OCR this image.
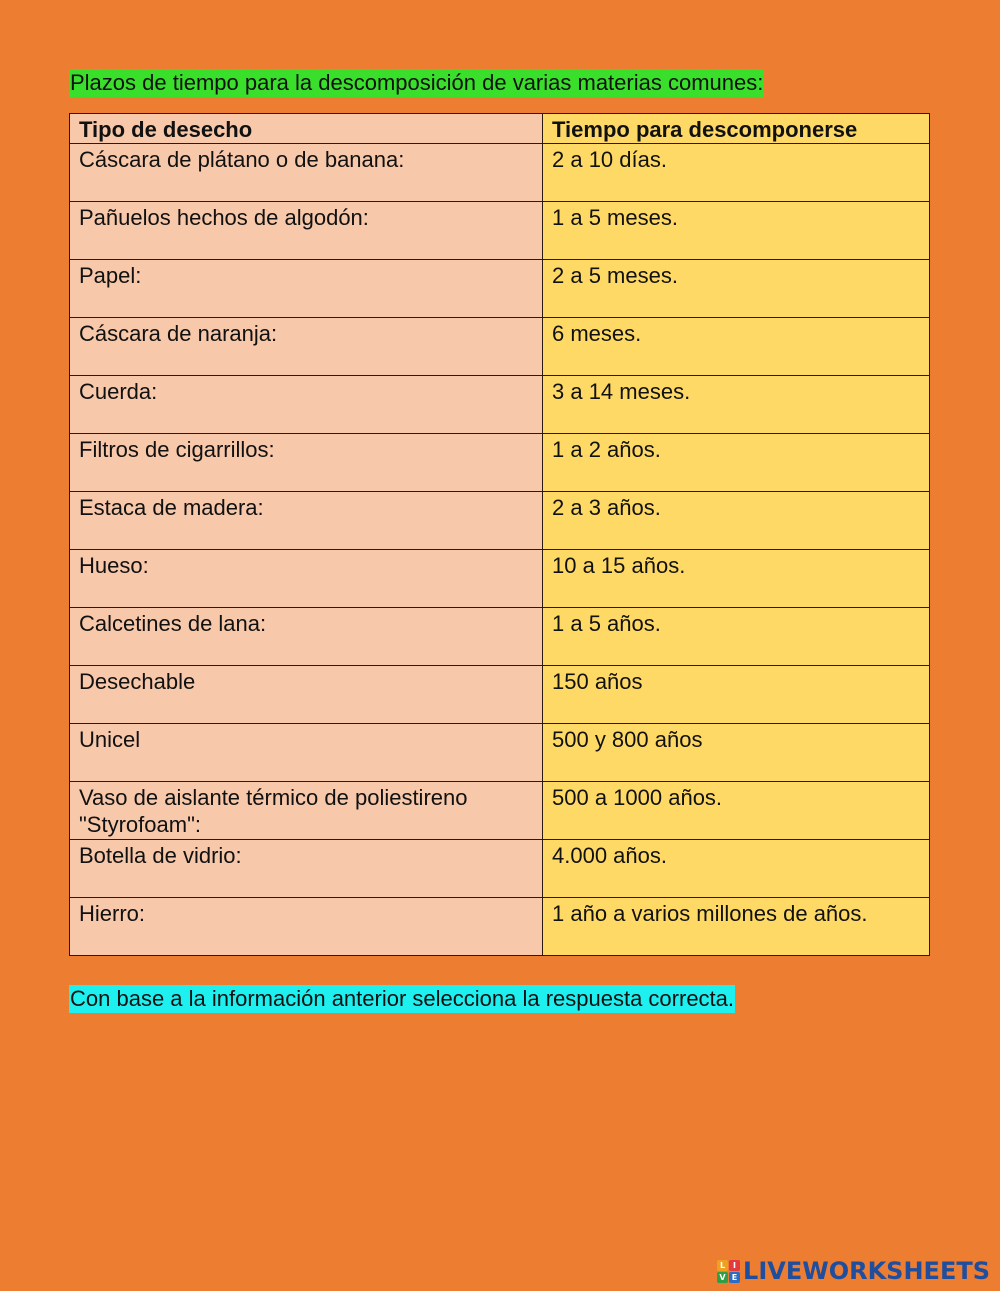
Plazos de tiempo para la descomposición de varias materias comunes:
Tipo de desecho	Tiempo para descomponerse
Cáscara de plátano o de banana:	2 a 10 días.
Pañuelos hechos de algodón:	1 a 5 meses.
Papel:	2 a 5 meses.
Cáscara de naranja:	6 meses.
Cuerda:	3 a 14 meses.
Filtros de cigarrillos:	1 a 2 años.
Estaca de madera:	2 a 3 años.
Hueso:	10 a 15 años.
Calcetines de lana:	1 a 5 años.
Desechable	150 años
Unicel	500 y 800 años
Vaso de aislante térmico de poliestireno "Styrofoam":	500 a 1000 años.
Botella de vidrio:	4.000 años.
Hierro:	1 año a varios millones de años.
Con base a la información anterior selecciona la respuesta correcta.
L I
V E LIVEWORKSHEETS
